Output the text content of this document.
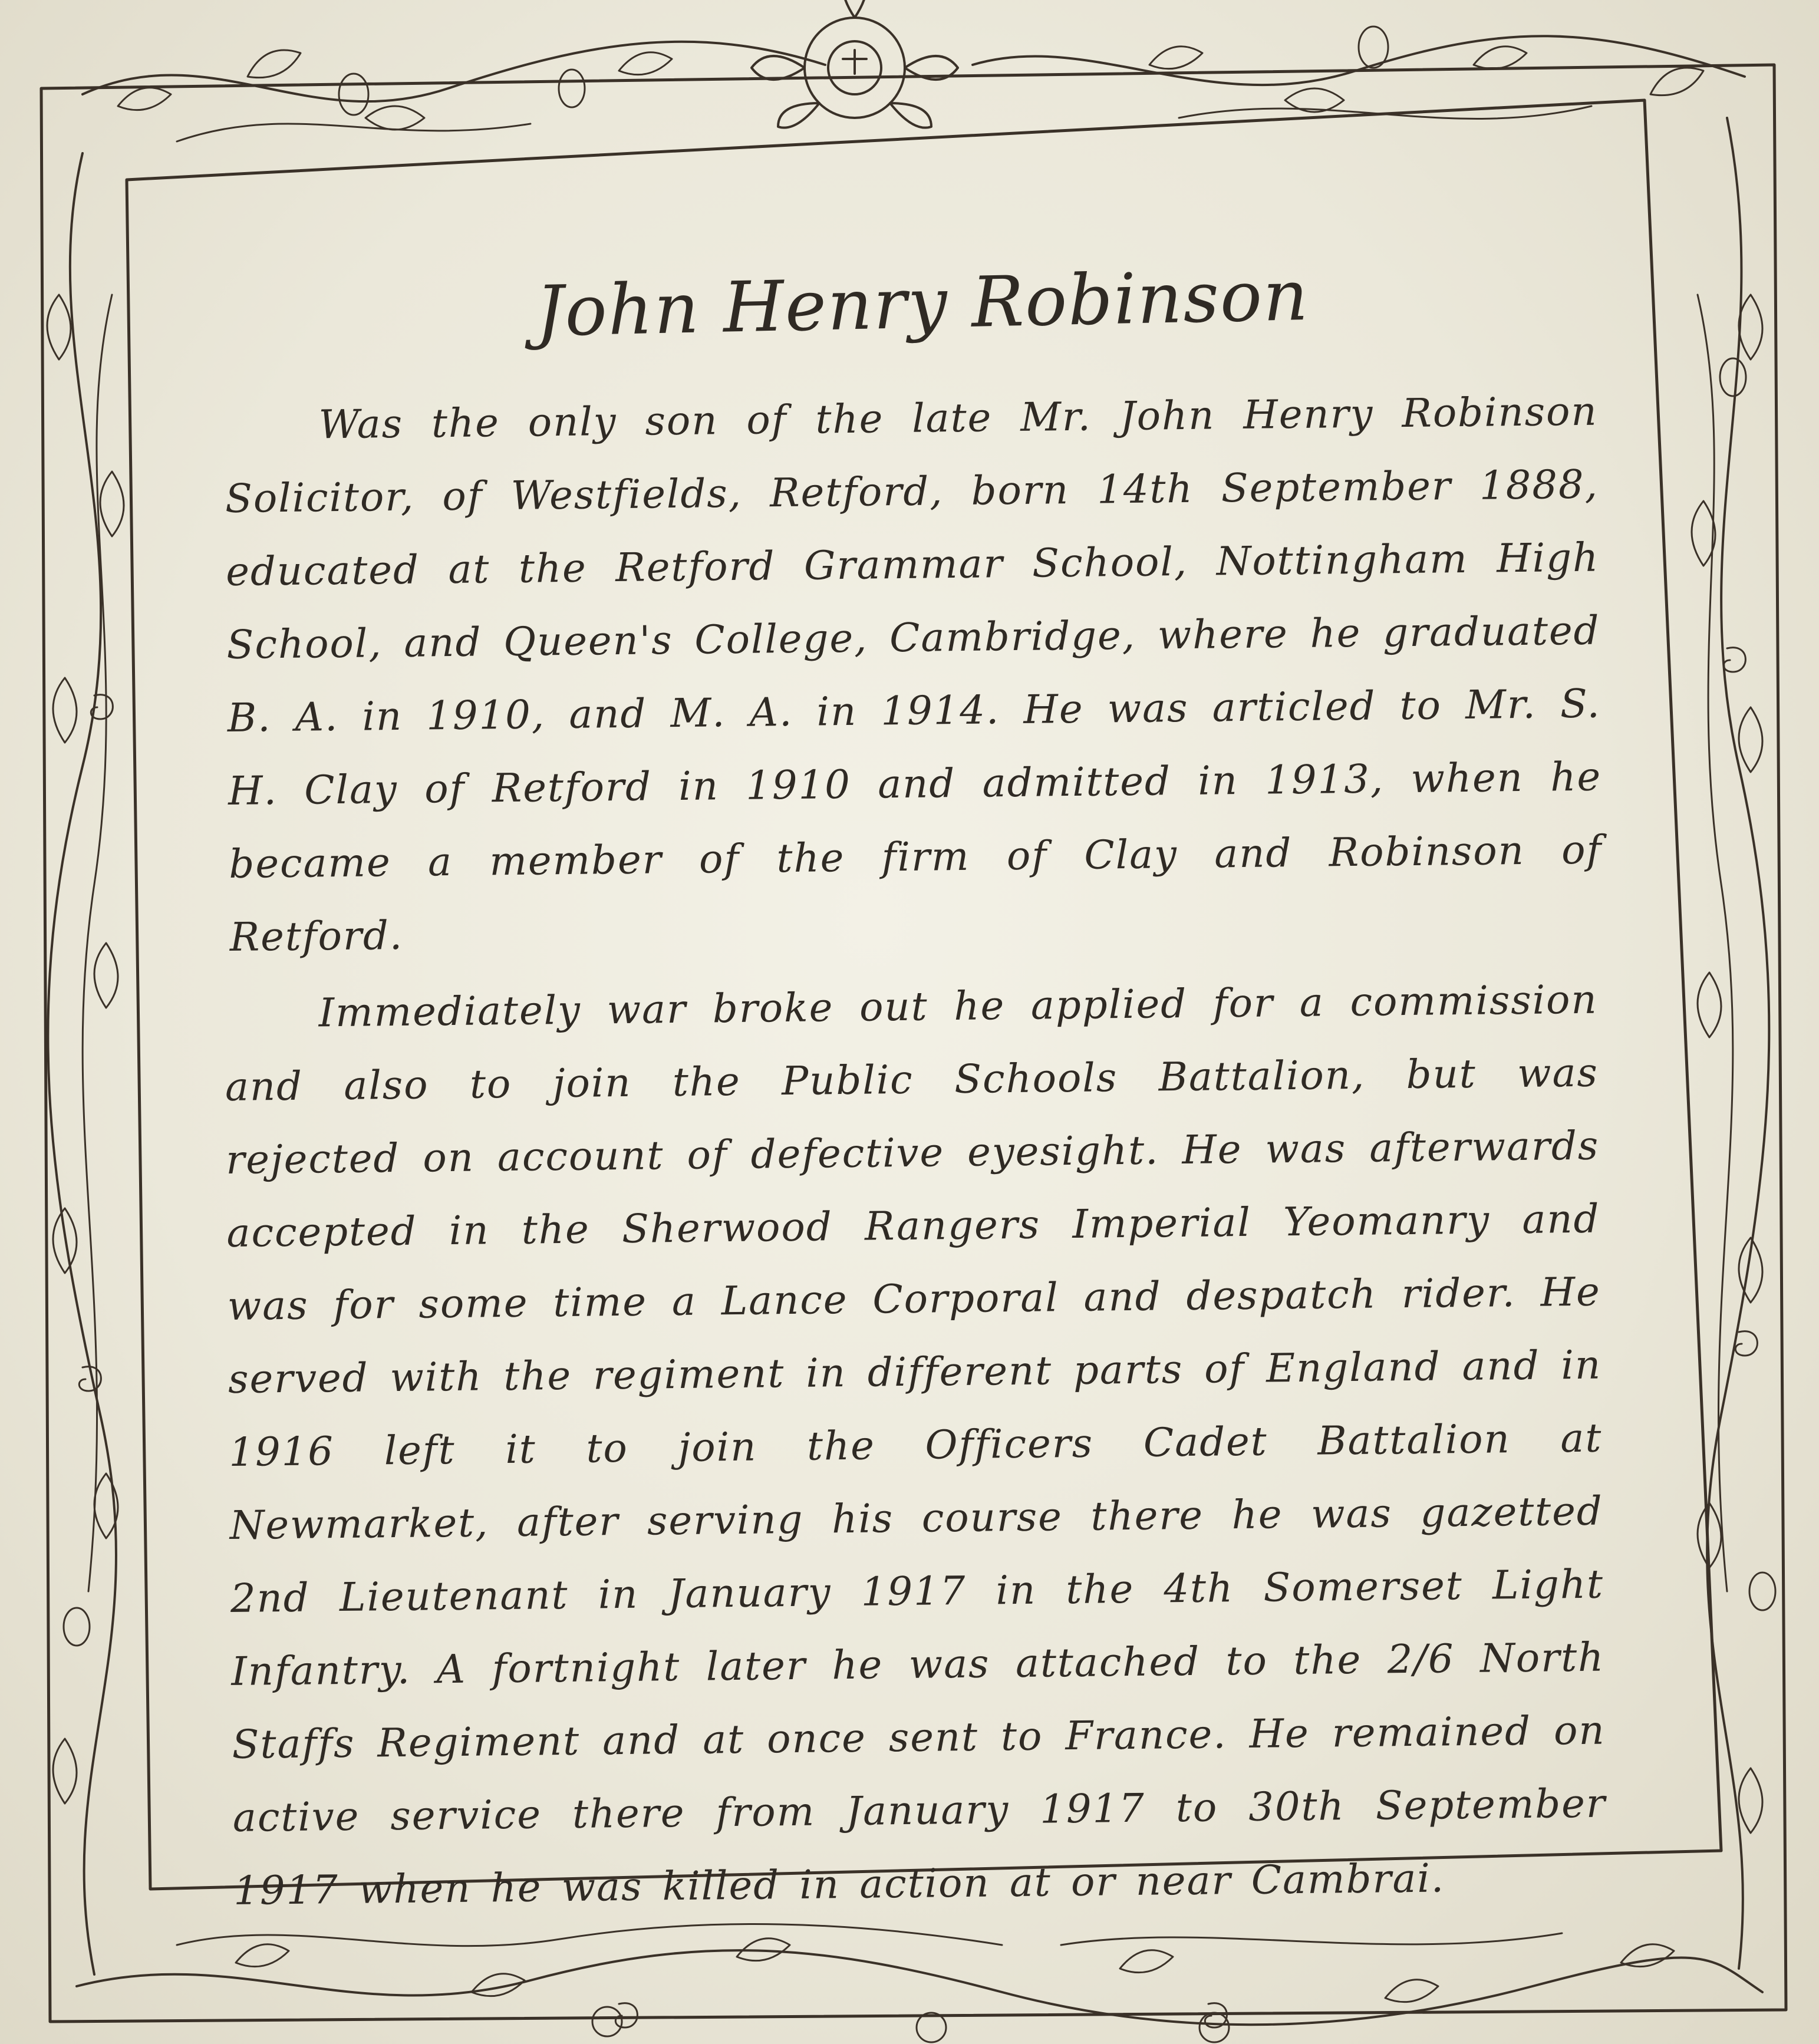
John Henry Robinson

Was the only son of the late Mr. John Henry Robinson Solicitor, of Westfields, Retford, born 14th September 1888, educated at the Retford Grammar School, Nottingham High School, and Queen's College, Cambridge, where he graduated B. A. in 1910, and M. A. in 1914. He was articled to Mr. S. H. Clay of Retford in 1910 and admitted in 1913, when he became a member of the firm of Clay and Robinson of Retford.

Immediately war broke out he applied for a commission and also to join the Public Schools Battalion, but was rejected on account of defective eyesight. He was afterwards accepted in the Sherwood Rangers Imperial Yeomanry and was for some time a Lance Corporal and despatch rider. He served with the regiment in different parts of England and in 1916 left it to join the Officers Cadet Battalion at Newmarket, after serving his course there he was gazetted 2nd Lieutenant in January 1917 in the 4th Somerset Light Infantry. A fortnight later he was attached to the 2/6 North Staffs Regiment and at once sent to France. He remained on active service there from January 1917 to 30th September 1917 when he was killed in action at or near Cambrai.
